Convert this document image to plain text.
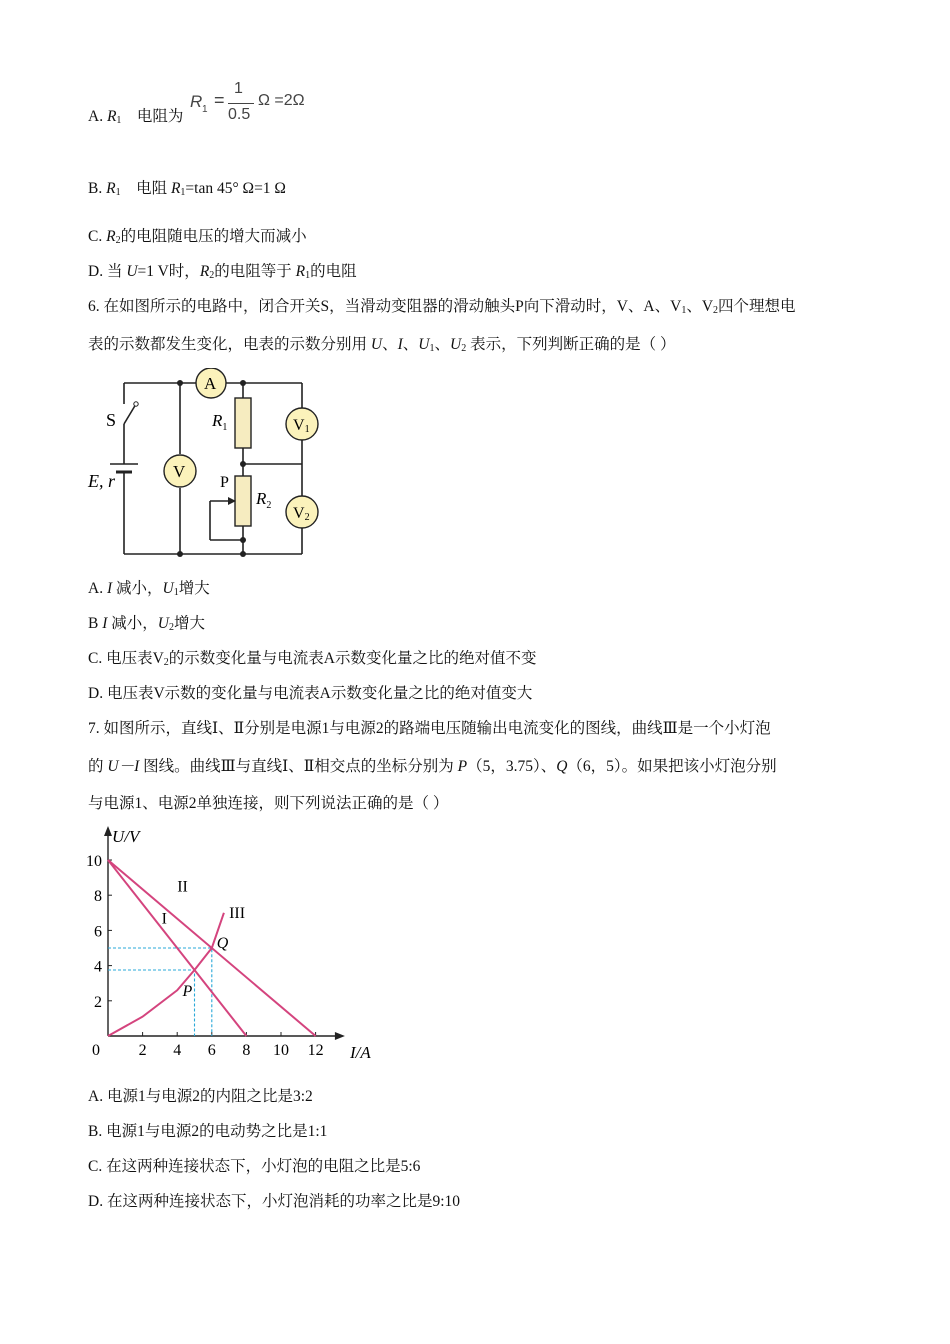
A. $R_1$ 电阻为
R 1 =
1
0.5
Ω =2Ω
B. $R_1$ 电阻 $R_1=\tan$ 45° Ω=1 Ω
C. $R_2$的电阻随电压的增大而减小
D. 当 U=1 V时，$R_2$的电阻等于 $R_1$的电阻
6. 在如图所示的电路中，闭合开关S，当滑动变阻器的滑动触头P向下滑动时，V、A、$V_1$、$V_2$四个理想电
表的示数都发生变化，电表的示数分别用 U、I、$U_1$、$U_2$ 表示，下列判断正确的是（ ）
A
V
V1
V2
$R_1$
$R_2$
S
E, r	P
A. I 减小，$U_1$增大
B I 减小，$U_2$增大
C. 电压表$V_2$的示数变化量与电流表A示数变化量之比的绝对值不变
D. 电压表V示数的变化量与电流表A示数变化量之比的绝对值变大
7. 如图所示，直线Ⅰ、Ⅱ分别是电源1与电源2的路端电压随输出电流变化的图线，曲线Ⅲ是一个小灯泡
的 U－I 图线。曲线Ⅲ与直线Ⅰ、Ⅱ相交点的坐标分别为 P（5，3.75）、Q（6，5）。如果把该小灯泡分别
与电源1、电源2单独连接，则下列说法正确的是（ ）
U/V
I/A
0 2 4 6 8 10 12
2
4
6
8
10
I
II
III
P
Q
A. 电源1与电源2的内阻之比是3:2
B. 电源1与电源2的电动势之比是1:1
C. 在这两种连接状态下，小灯泡的电阻之比是5:6
D. 在这两种连接状态下，小灯泡消耗的功率之比是9:10
